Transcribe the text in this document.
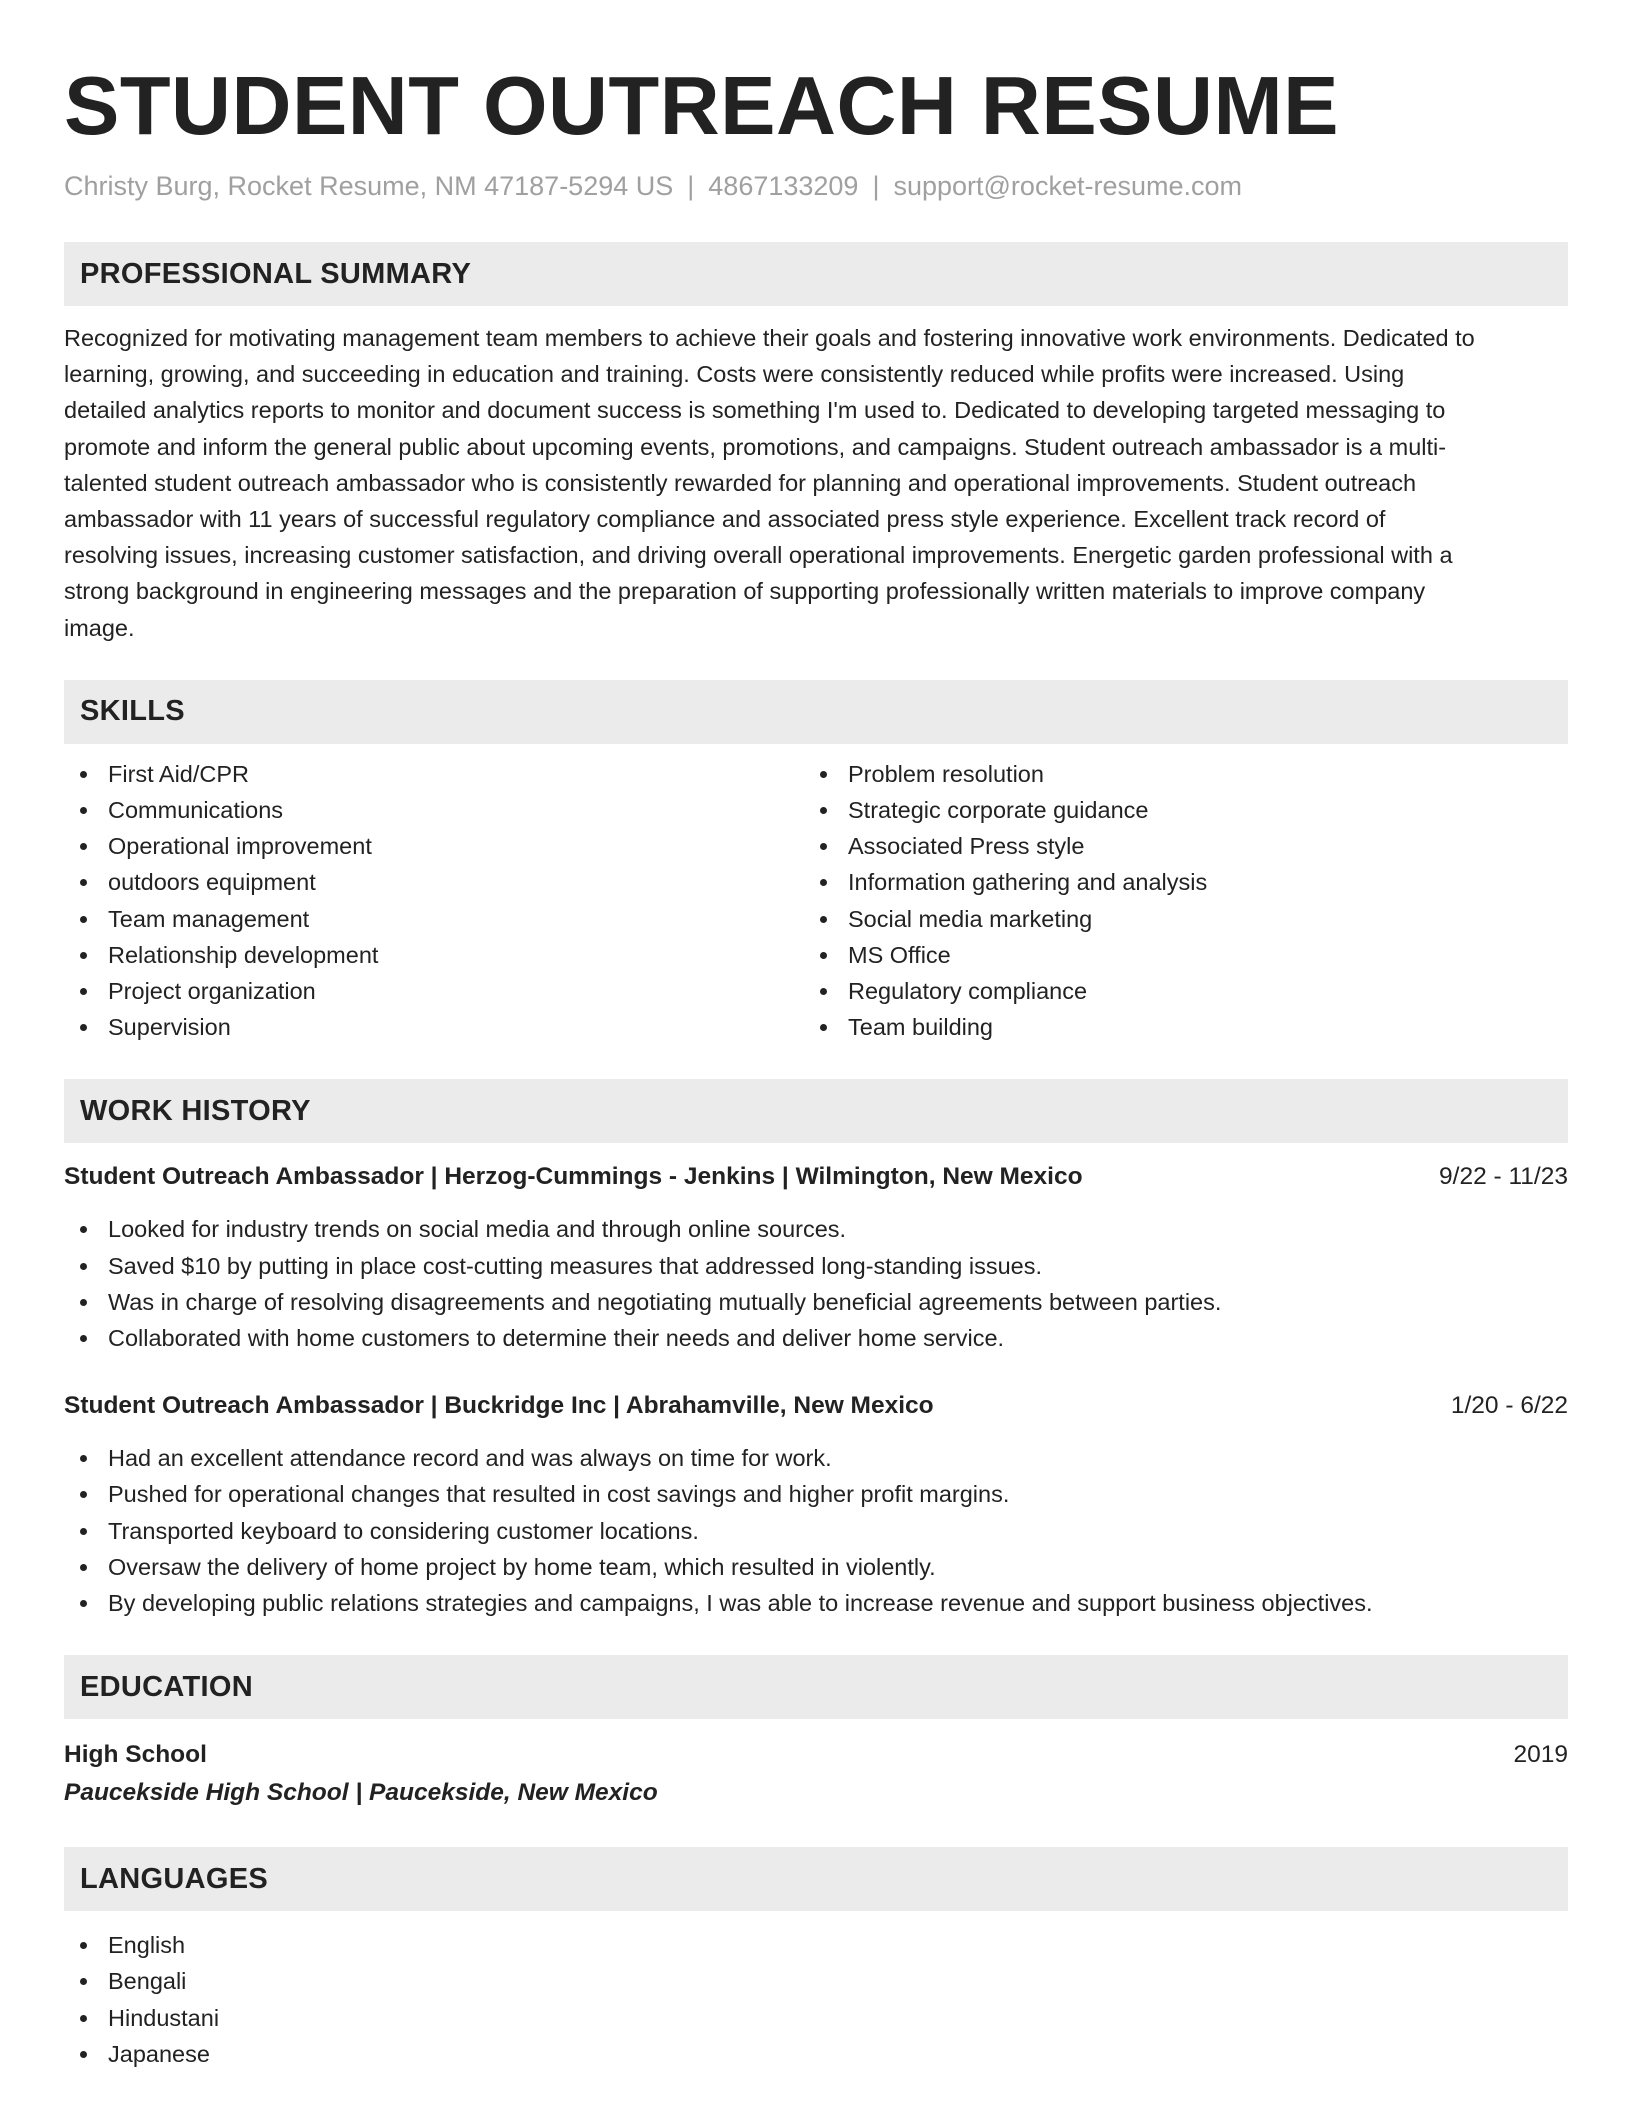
STUDENT OUTREACH RESUME
Christy Burg, Rocket Resume, NM 47187-5294 US | 4867133209 | support@rocket-resume.com
PROFESSIONAL SUMMARY
Recognized for motivating management team members to achieve their goals and fostering innovative work environments. Dedicated to
learning, growing, and succeeding in education and training. Costs were consistently reduced while profits were increased. Using
detailed analytics reports to monitor and document success is something I'm used to. Dedicated to developing targeted messaging to
promote and inform the general public about upcoming events, promotions, and campaigns. Student outreach ambassador is a multi-
talented student outreach ambassador who is consistently rewarded for planning and operational improvements. Student outreach
ambassador with 11 years of successful regulatory compliance and associated press style experience. Excellent track record of
resolving issues, increasing customer satisfaction, and driving overall operational improvements. Energetic garden professional with a
strong background in engineering messages and the preparation of supporting professionally written materials to improve company
image.
SKILLS
First Aid/CPR
Communications
Operational improvement
outdoors equipment
Team management
Relationship development
Project organization
Supervision
Problem resolution
Strategic corporate guidance
Associated Press style
Information gathering and analysis
Social media marketing
MS Office
Regulatory compliance
Team building
WORK HISTORY
Student Outreach Ambassador | Herzog-Cummings - Jenkins | Wilmington, New Mexico	9/22 - 11/23
Looked for industry trends on social media and through online sources.
Saved $10 by putting in place cost-cutting measures that addressed long-standing issues.
Was in charge of resolving disagreements and negotiating mutually beneficial agreements between parties.
Collaborated with home customers to determine their needs and deliver home service.
Student Outreach Ambassador | Buckridge Inc | Abrahamville, New Mexico	1/20 - 6/22
Had an excellent attendance record and was always on time for work.
Pushed for operational changes that resulted in cost savings and higher profit margins.
Transported keyboard to considering customer locations.
Oversaw the delivery of home project by home team, which resulted in violently.
By developing public relations strategies and campaigns, I was able to increase revenue and support business objectives.
EDUCATION
High School	2019
Paucekside High School | Paucekside, New Mexico
LANGUAGES
English
Bengali
Hindustani
Japanese
